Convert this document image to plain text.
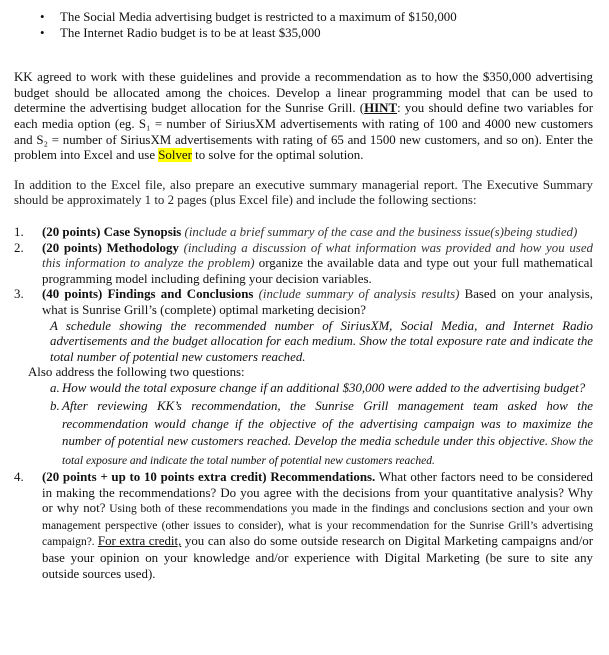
• The Social Media advertising budget is restricted to a maximum of $150,000
• The Internet Radio budget is to be at least $35,000

KK agreed to work with these guidelines and provide a recommendation as to how the $350,000 advertising budget should be allocated among the choices. Develop a linear programming model that can be used to determine the advertising budget allocation for the Sunrise Grill. (HINT: you should define two variables for each media option (eg. S₁ = number of SiriusXM advertisements with rating of 100 and 4000 new customers and S₂ = number of SiriusXM advertisements with rating of 65 and 1500 new customers, and so on). Enter the problem into Excel and use Solver to solve for the optimal solution.

In addition to the Excel file, also prepare an executive summary managerial report. The Executive Summary should be approximately 1 to 2 pages (plus Excel file) and include the following sections:

1. (20 points) Case Synopsis (include a brief summary of the case and the business issue(s)being studied)
2. (20 points) Methodology (including a discussion of what information was provided and how you used this information to analyze the problem) organize the available data and type out your full mathematical programming model including defining your decision variables.
3. (40 points) Findings and Conclusions (include summary of analysis results) Based on your analysis, what is Sunrise Grill’s (complete) optimal marketing decision?
A schedule showing the recommended number of SiriusXM, Social Media, and Internet Radio advertisements and the budget allocation for each medium. Show the total exposure rate and indicate the total number of potential new customers reached.
Also address the following two questions:
a. How would the total exposure change if an additional $30,000 were added to the advertising budget?
b. After reviewing KK’s recommendation, the Sunrise Grill management team asked how the recommendation would change if the objective of the advertising campaign was to maximize the number of potential new customers reached. Develop the media schedule under this objective. Show the total exposure and indicate the total number of potential new customers reached.
4. (20 points + up to 10 points extra credit) Recommendations. What other factors need to be considered in making the recommendations? Do you agree with the decisions from your quantitative analysis? Why or why not? Using both of these recommendations you made in the findings and conclusions section and your own management perspective (other issues to consider), what is your recommendation for the Sunrise Grill’s advertising campaign?. For extra credit, you can also do some outside research on Digital Marketing campaigns and/or base your opinion on your knowledge and/or experience with Digital Marketing (be sure to site any outside sources used).
